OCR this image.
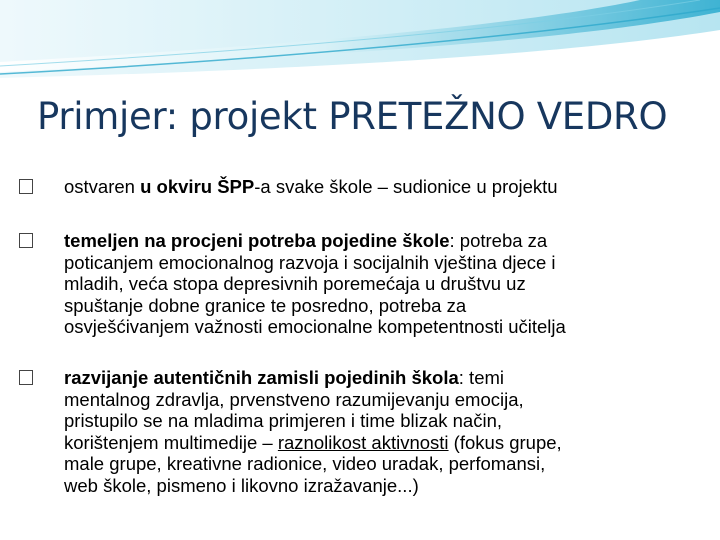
Primjer: projekt PRETEŽNO VEDRO
ostvaren u okviru ŠPP-a svake škole – sudionice u projektu
temeljen na procjeni potreba pojedine škole: potreba za
poticanjem emocionalnog razvoja i socijalnih vještina djece i
mladih, veća stopa depresivnih poremećaja u društvu uz
spuštanje dobne granice te posredno, potreba za
osvješćivanjem važnosti emocionalne kompetentnosti učitelja
razvijanje autentičnih zamisli pojedinih škola: temi
mentalnog zdravlja, prvenstveno razumijevanju emocija,
pristupilo se na mladima primjeren i time blizak način,
korištenjem multimedije – raznolikost aktivnosti (fokus grupe,
male grupe, kreativne radionice, video uradak, perfomansi,
web škole, pismeno i likovno izražavanje...)
